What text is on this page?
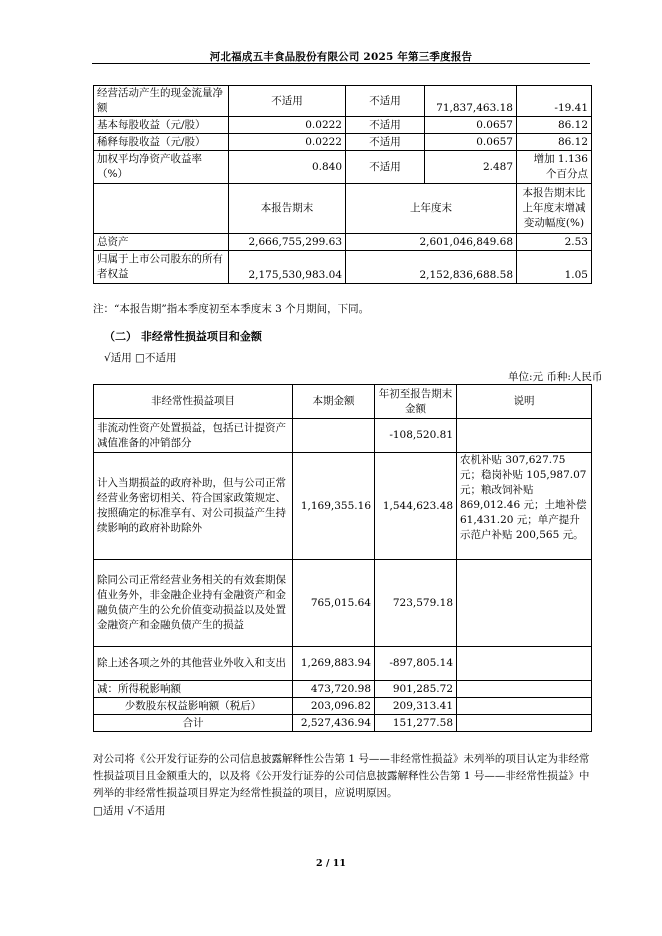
河北福成五丰食品股份有限公司 2025 年第三季度报告
经营活动产生的现金流量净额	不适用	不适用	71,837,463.18	-19.41
基本每股收益（元/股）	0.0222	不适用	0.0657	86.12
稀释每股收益（元/股）	0.0222	不适用	0.0657	86.12
加权平均净资产收益率（%）	0.840	不适用	2.487	增加 1.136 个百分点
	本报告期末	上年度末		本报告期末比上年度末增减变动幅度(%)
总资产	2,666,755,299.63	2,601,046,849.68		2.53
归属于上市公司股东的所有者权益	2,175,530,983.04	2,152,836,688.58		1.05
注：“本报告期”指本季度初至本季度末 3 个月期间，下同。
（二） 非经常性损益项目和金额
√适用 □不适用
单位:元 币种:人民币
非经常性损益项目	本期金额	年初至报告期末金额	说明
非流动性资产处置损益，包括已计提资产减值准备的冲销部分		-108,520.81	
计入当期损益的政府补助，但与公司正常经营业务密切相关、符合国家政策规定、按照确定的标准享有、对公司损益产生持续影响的政府补助除外	1,169,355.16	1,544,623.48	农机补贴 307,627.75 元；稳岗补贴 105,987.07 元；粮改饲补贴 869,012.46 元；土地补偿 61,431.20 元；单产提升示范户补贴 200,565 元。
除同公司正常经营业务相关的有效套期保值业务外，非金融企业持有金融资产和金融负债产生的公允价值变动损益以及处置金融资产和金融负债产生的损益	765,015.64	723,579.18	
除上述各项之外的其他营业外收入和支出	1,269,883.94	-897,805.14	
减：所得税影响额	473,720.98	901,285.72	
少数股东权益影响额（税后）	203,096.82	209,313.41	
合计	2,527,436.94	151,277.58	
对公司将《公开发行证券的公司信息披露解释性公告第 1 号——非经常性损益》未列举的项目认定为非经常性损益项目且金额重大的，以及将《公开发行证券的公司信息披露解释性公告第 1 号——非经常性损益》中列举的非经常性损益项目界定为经常性损益的项目，应说明原因。
□适用 √不适用
2 / 11
